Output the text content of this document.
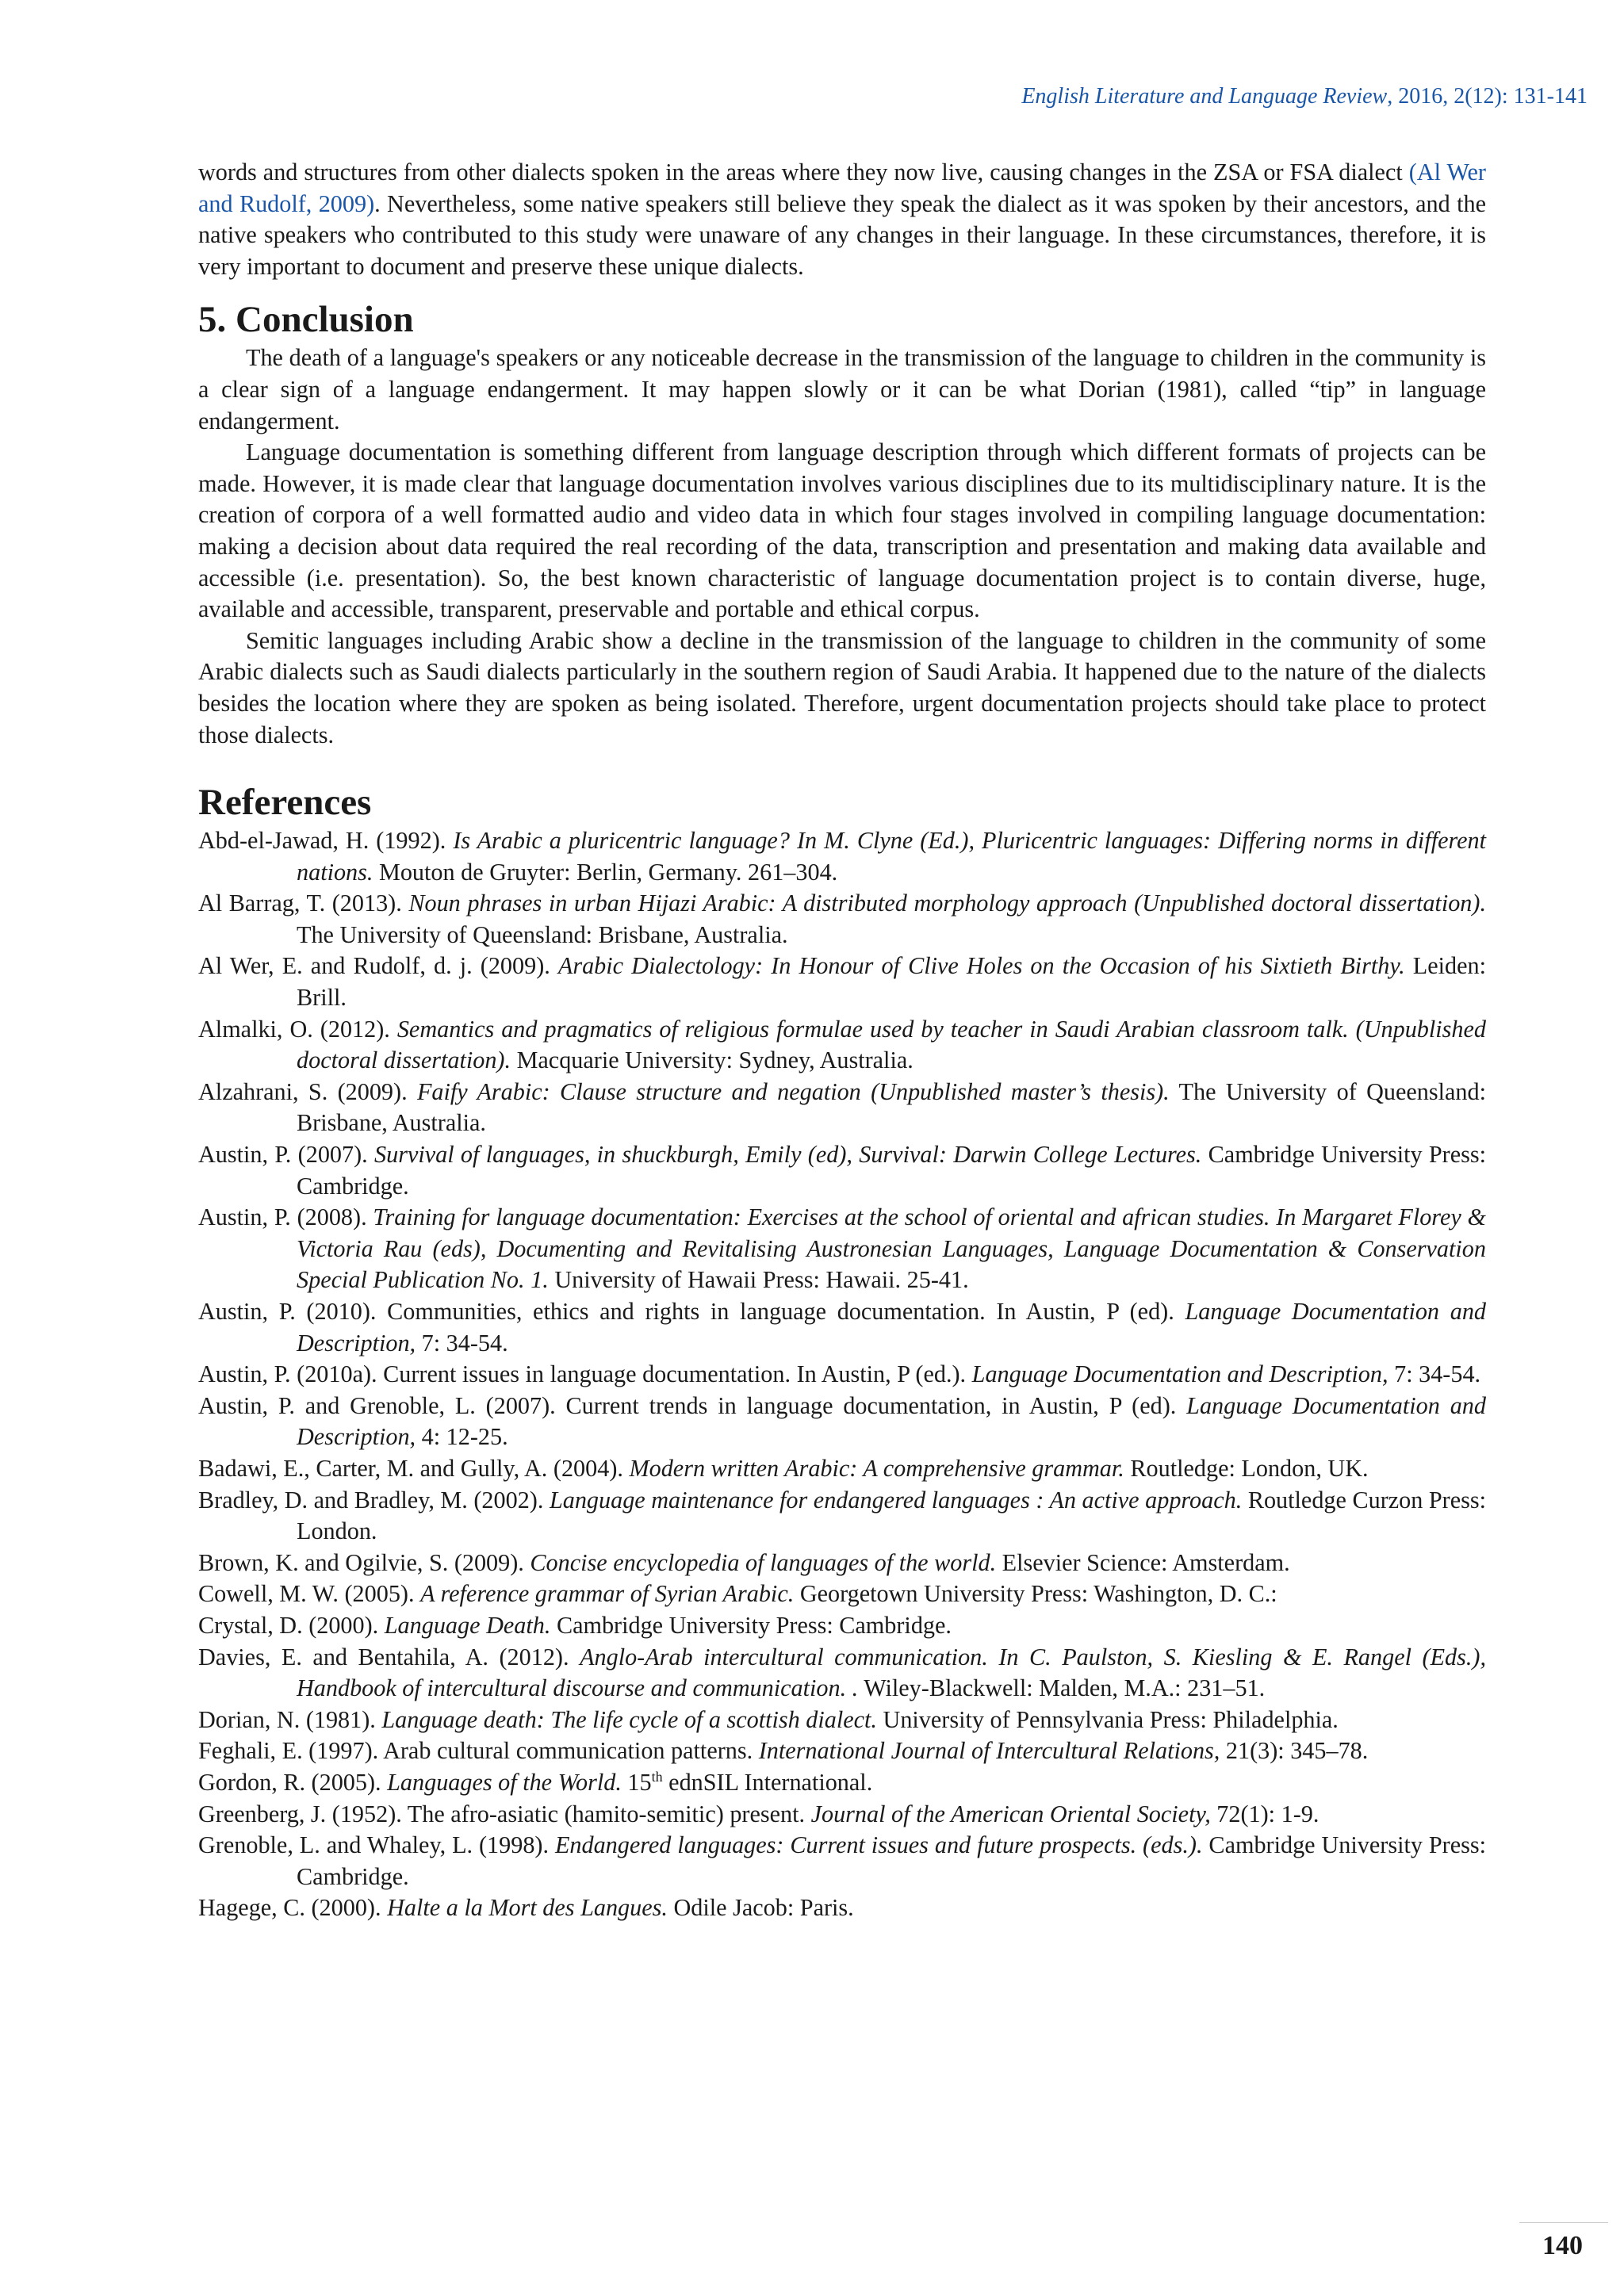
English Literature and Language Review, 2016, 2(12): 131-141

words and structures from other dialects spoken in the areas where they now live, causing changes in the ZSA or FSA dialect (Al Wer and Rudolf, 2009). Nevertheless, some native speakers still believe they speak the dialect as it was spoken by their ancestors, and the native speakers who contributed to this study were unaware of any changes in their language. In these circumstances, therefore, it is very important to document and preserve these unique dialects.

5. Conclusion

The death of a language's speakers or any noticeable decrease in the transmission of the language to children in the community is a clear sign of a language endangerment. It may happen slowly or it can be what Dorian (1981), called “tip” in language endangerment.

Language documentation is something different from language description through which different formats of projects can be made. However, it is made clear that language documentation involves various disciplines due to its multidisciplinary nature. It is the creation of corpora of a well formatted audio and video data in which four stages involved in compiling language documentation: making a decision about data required the real recording of the data, transcription and presentation and making data available and accessible (i.e. presentation). So, the best known characteristic of language documentation project is to contain diverse, huge, available and accessible, transparent, preservable and portable and ethical corpus.

Semitic languages including Arabic show a decline in the transmission of the language to children in the community of some Arabic dialects such as Saudi dialects particularly in the southern region of Saudi Arabia. It happened due to the nature of the dialects besides the location where they are spoken as being isolated. Therefore, urgent documentation projects should take place to protect those dialects.

References
Abd-el-Jawad, H. (1992). Is Arabic a pluricentric language? In M. Clyne (Ed.), Pluricentric languages: Differing norms in different nations. Mouton de Gruyter: Berlin, Germany. 261–304.
Al Barrag, T. (2013). Noun phrases in urban Hijazi Arabic: A distributed morphology approach (Unpublished doctoral dissertation). The University of Queensland: Brisbane, Australia.
Al Wer, E. and Rudolf, d. j. (2009). Arabic Dialectology: In Honour of Clive Holes on the Occasion of his Sixtieth Birthy. Leiden: Brill.
Almalki, O. (2012). Semantics and pragmatics of religious formulae used by teacher in Saudi Arabian classroom talk. (Unpublished doctoral dissertation). Macquarie University: Sydney, Australia.
Alzahrani, S. (2009). Faify Arabic: Clause structure and negation (Unpublished master’s thesis). The University of Queensland: Brisbane, Australia.
Austin, P. (2007). Survival of languages, in shuckburgh, Emily (ed), Survival: Darwin College Lectures. Cambridge University Press: Cambridge.
Austin, P. (2008). Training for language documentation: Exercises at the school of oriental and african studies. In Margaret Florey & Victoria Rau (eds), Documenting and Revitalising Austronesian Languages, Language Documentation & Conservation Special Publication No. 1. University of Hawaii Press: Hawaii. 25-41.
Austin, P. (2010). Communities, ethics and rights in language documentation. In Austin, P (ed). Language Documentation and Description, 7: 34-54.
Austin, P. (2010a). Current issues in language documentation. In Austin, P (ed.). Language Documentation and Description, 7: 34-54.
Austin, P. and Grenoble, L. (2007). Current trends in language documentation, in Austin, P (ed). Language Documentation and Description, 4: 12-25.
Badawi, E., Carter, M. and Gully, A. (2004). Modern written Arabic: A comprehensive grammar. Routledge: London, UK.
Bradley, D. and Bradley, M. (2002). Language maintenance for endangered languages : An active approach. Routledge Curzon Press: London.
Brown, K. and Ogilvie, S. (2009). Concise encyclopedia of languages of the world. Elsevier Science: Amsterdam.
Cowell, M. W. (2005). A reference grammar of Syrian Arabic. Georgetown University Press: Washington, D. C.:
Crystal, D. (2000). Language Death. Cambridge University Press: Cambridge.
Davies, E. and Bentahila, A. (2012). Anglo-Arab intercultural communication. In C. Paulston, S. Kiesling & E. Rangel (Eds.), Handbook of intercultural discourse and communication. . Wiley-Blackwell: Malden, M.A.: 231–51.
Dorian, N. (1981). Language death: The life cycle of a scottish dialect. University of Pennsylvania Press: Philadelphia.
Feghali, E. (1997). Arab cultural communication patterns. International Journal of Intercultural Relations, 21(3): 345–78.
Gordon, R. (2005). Languages of the World. 15th ednSIL International.
Greenberg, J. (1952). The afro-asiatic (hamito-semitic) present. Journal of the American Oriental Society, 72(1): 1-9.
Grenoble, L. and Whaley, L. (1998). Endangered languages: Current issues and future prospects. (eds.). Cambridge University Press: Cambridge.
Hagege, C. (2000). Halte a la Mort des Langues. Odile Jacob: Paris.
140
